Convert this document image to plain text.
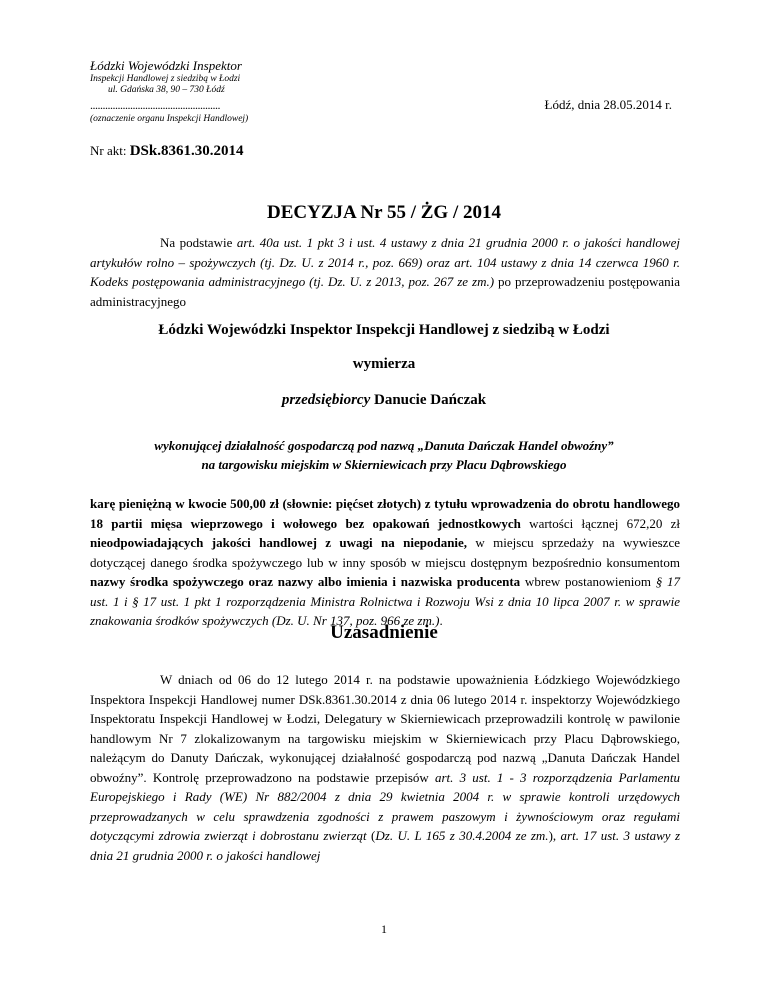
Łódzki Wojewódzki Inspektor
Inspekcji Handlowej z siedzibą w Łodzi
ul. Gdańska 38, 90 – 730 Łódź
....................................................
(oznaczenie organu Inspekcji Handlowej)
Łódź, dnia 28.05.2014 r.
Nr akt: DSk.8361.30.2014
DECYZJA Nr 55 / ŻG / 2014
Na podstawie art. 40a ust. 1 pkt 3 i ust. 4 ustawy z dnia 21 grudnia 2000 r. o jakości handlowej artykułów rolno – spożywczych (tj. Dz. U. z 2014 r., poz. 669) oraz art. 104 ustawy z dnia 14 czerwca 1960 r. Kodeks postępowania administracyjnego (tj. Dz. U. z 2013, poz. 267 ze zm.) po przeprowadzeniu postępowania administracyjnego
Łódzki Wojewódzki Inspektor Inspekcji Handlowej z siedzibą w Łodzi
wymierza
przedsiębiorcy Danucie Dańczak
wykonującej działalność gospodarczą pod nazwą „Danuta Dańczak Handel obwoźny”
na targowisku miejskim w Skierniewicach przy Placu Dąbrowskiego
karę pieniężną w kwocie 500,00 zł (słownie: pięćset złotych) z tytułu wprowadzenia do obrotu handlowego 18 partii mięsa wieprzowego i wołowego bez opakowań jednostkowych wartości łącznej 672,20 zł nieodpowiadających jakości handlowej z uwagi na niepodanie, w miejscu sprzedaży na wywieszce dotyczącej danego środka spożywczego lub w inny sposób w miejscu dostępnym bezpośrednio konsumentom nazwy środka spożywczego oraz nazwy albo imienia i nazwiska producenta wbrew postanowieniom § 17 ust. 1 i § 17 ust. 1 pkt 1 rozporządzenia Ministra Rolnictwa i Rozwoju Wsi z dnia 10 lipca 2007 r. w sprawie znakowania środków spożywczych (Dz. U. Nr 137, poz. 966 ze zm.).
Uzasadnienie
W dniach od 06 do 12 lutego 2014 r. na podstawie upoważnienia Łódzkiego Wojewódzkiego Inspektora Inspekcji Handlowej numer DSk.8361.30.2014 z dnia 06 lutego 2014 r. inspektorzy Wojewódzkiego Inspektoratu Inspekcji Handlowej w Łodzi, Delegatury w Skierniewicach przeprowadzili kontrolę w pawilonie handlowym Nr 7 zlokalizowanym na targowisku miejskim w Skierniewicach przy Placu Dąbrowskiego, należącym do Danuty Dańczak, wykonującej działalność gospodarczą pod nazwą „Danuta Dańczak Handel obwoźny”. Kontrolę przeprowadzono na podstawie przepisów art. 3 ust. 1 - 3 rozporządzenia Parlamentu Europejskiego i Rady (WE) Nr 882/2004 z dnia 29 kwietnia 2004 r. w sprawie kontroli urzędowych przeprowadzanych w celu sprawdzenia zgodności z prawem paszowym i żywnościowym oraz regułami dotyczącymi zdrowia zwierząt i dobrostanu zwierząt (Dz. U. L 165 z 30.4.2004 ze zm.), art. 17 ust. 3 ustawy z dnia 21 grudnia 2000 r. o jakości handlowej
1
